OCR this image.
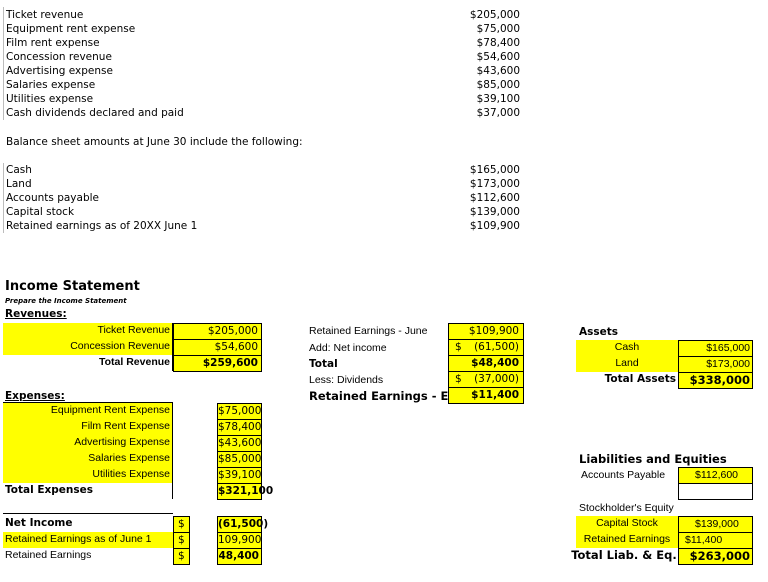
Ticket revenue
Equipment rent expense
Film rent expense
Concession revenue
Advertising expense
Salaries expense
Utilities expense
Cash dividends declared and paid
$205,000
$75,000
$78,400
$54,600
$43,600
$85,000
$39,100
$37,000
Balance sheet amounts at June 30 include the following:
Cash
Land
Accounts payable
Capital stock
Retained earnings as of 20XX June 1
$165,000
$173,000
$112,600
$139,000
$109,900
Income Statement
Prepare the Income Statement
Revenues:
Ticket Revenue
Concession Revenue
Total Revenue
$205,000
$54,600
$259,600
Expenses:
Equipment Rent Expense
Film Rent Expense
Advertising Expense
Salaries Expense
Utilities Expense
Total Expenses
$75,000
$78,400
$43,600
$85,000
$39,100
$321,100
Net Income
Retained Earnings as of June 1
Retained Earnings
$
$
$
(61,500)
109,900
48,400
Retained Earnings - June
Add: Net income
Total
Less: Dividends
Retained Earnings - E
$109,900
$ (61,500)
$48,400
$ (37,000)
$11,400
Assets
Cash
Land
Total Assets
$165,000
$173,000
$338,000
Liabilities and Equities
Accounts Payable	$112,600
Stockholder's Equity
Capital Stock
Retained Earnings
Total Liab. & Eq.
$139,000
$11,400
$263,000
